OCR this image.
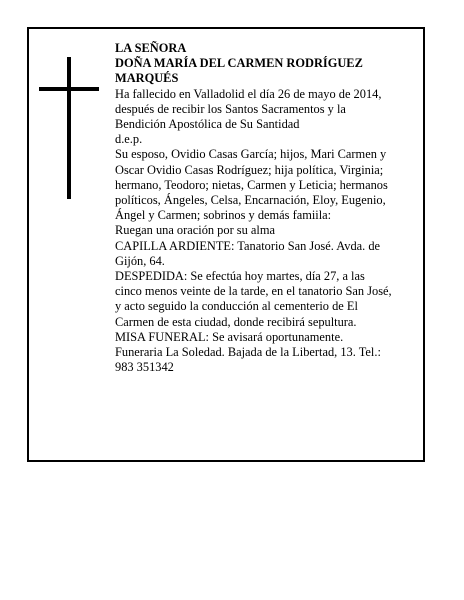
LA SEÑORA
DOÑA MARÍA DEL CARMEN RODRÍGUEZ
MARQUÉS
Ha fallecido en Valladolid el día 26 de mayo de 2014,
después de recibir los Santos Sacramentos y la
Bendición Apostólica de Su Santidad
d.e.p.
Su esposo, Ovidio Casas García; hijos, Mari Carmen y
Oscar Ovidio Casas Rodríguez; hija política, Virginia;
hermano, Teodoro; nietas, Carmen y Leticia; hermanos
políticos, Ángeles, Celsa, Encarnación, Eloy, Eugenio,
Ángel y Carmen; sobrinos y demás famiila:
Ruegan una oración por su alma
CAPILLA ARDIENTE: Tanatorio San José. Avda. de
Gijón, 64.
DESPEDIDA: Se efectúa hoy martes, día 27, a las
cinco menos veinte de la tarde, en el tanatorio San José,
y acto seguido la conducción al cementerio de El
Carmen de esta ciudad, donde recibirá sepultura.
MISA FUNERAL: Se avisará oportunamente.
Funeraria La Soledad. Bajada de la Libertad, 13. Tel.:
983 351342
